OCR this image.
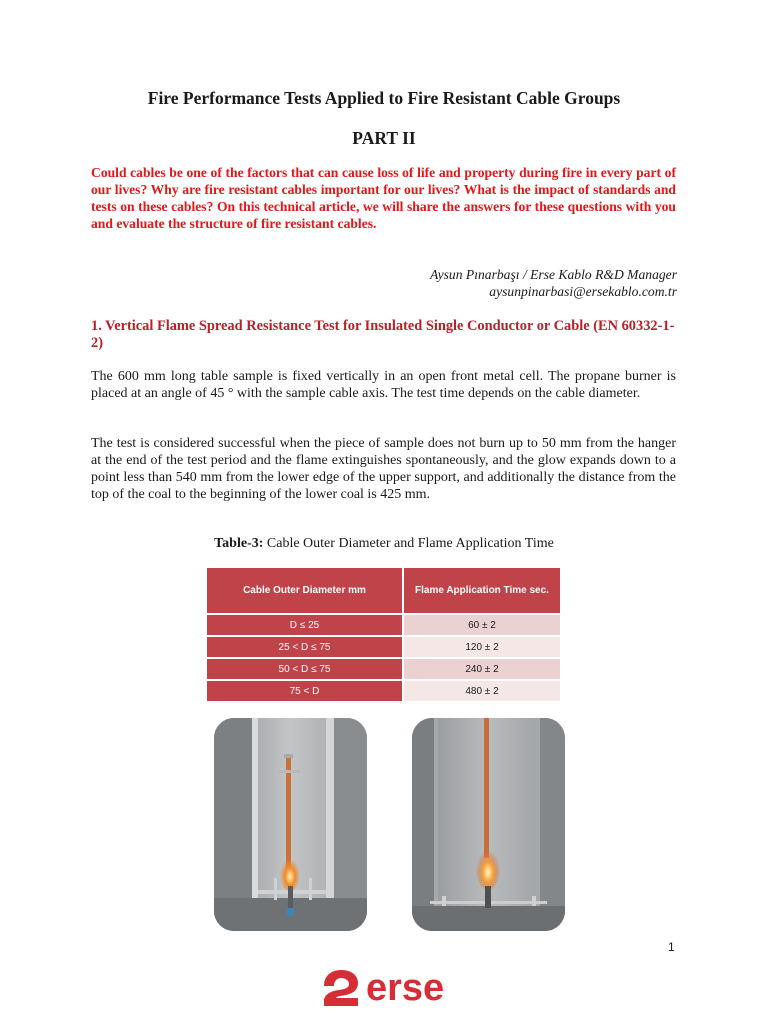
Fire Performance Tests Applied to Fire Resistant Cable Groups
PART II

Could cables be one of the factors that can cause loss of life and property during fire in every part of our lives? Why are fire resistant cables important for our lives? What is the impact of standards and tests on these cables? On this technical article, we will share the answers for these questions with you and evaluate the structure of fire resistant cables.

Aysun Pınarbaşı / Erse Kablo R&D Manager
aysunpinarbasi@ersekablo.com.tr

1. Vertical Flame Spread Resistance Test for Insulated Single Conductor or Cable (EN 60332-1-2)

The 600 mm long table sample is fixed vertically in an open front metal cell. The propane burner is placed at an angle of 45 ° with the sample cable axis. The test time depends on the cable diameter.

The test is considered successful when the piece of sample does not burn up to 50 mm from the hanger at the end of the test period and the flame extinguishes spontaneously, and the glow expands down to a point less than 540 mm from the lower edge of the upper support, and additionally the distance from the top of the coal to the beginning of the lower coal is 425 mm.

Table-3: Cable Outer Diameter and Flame Application Time
Cable Outer Diameter mm	Flame Application Time sec.
D ≤ 25	60 ± 2
25 < D ≤ 75	120 ± 2
50 < D ≤ 75	240 ± 2
75 < D	480 ± 2
1
erse
